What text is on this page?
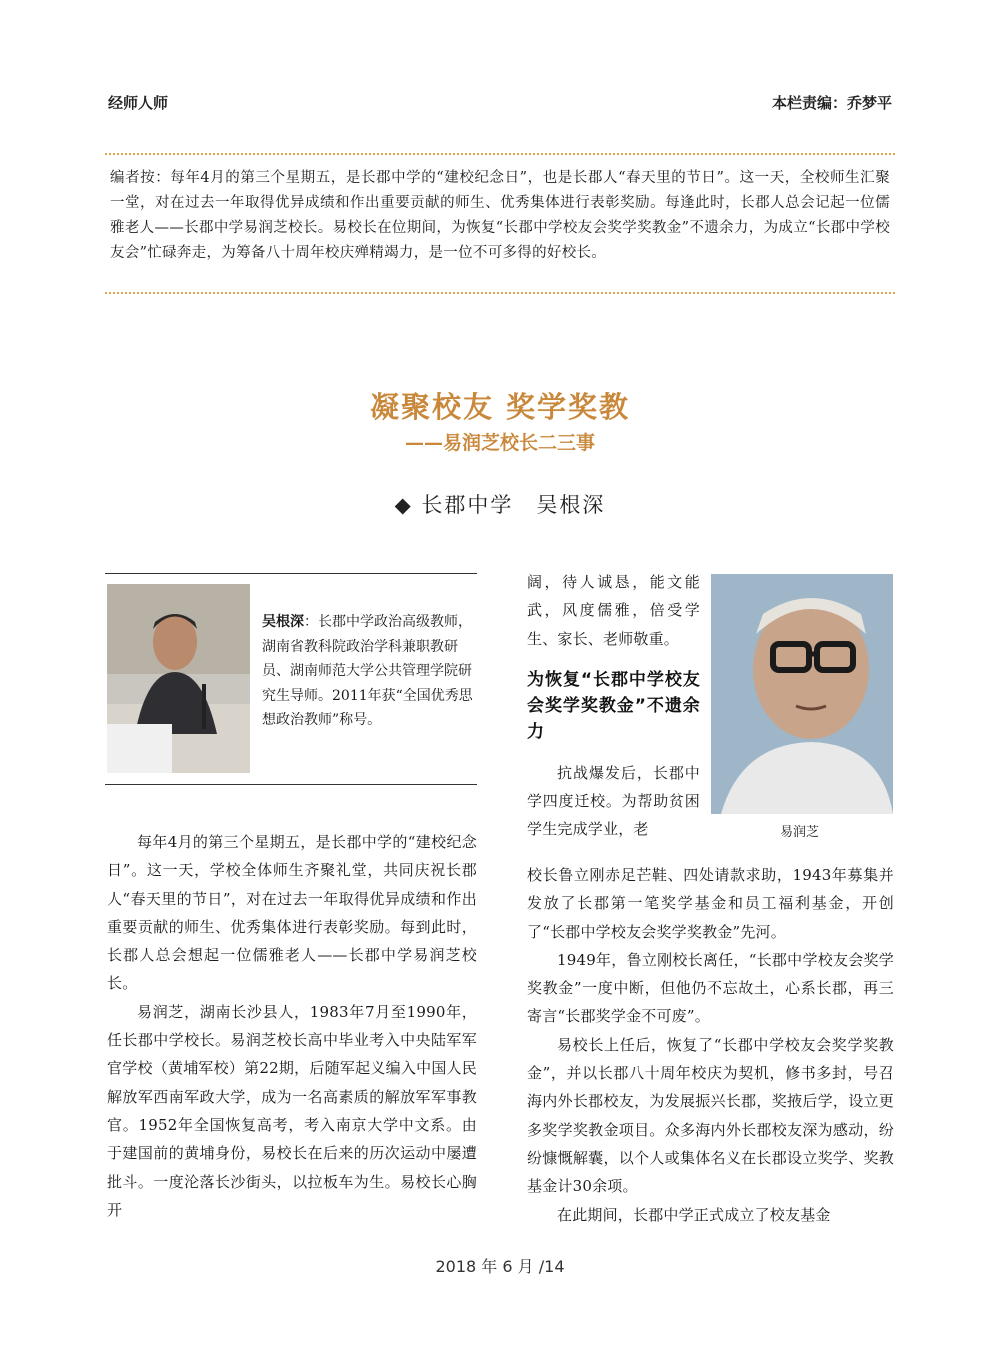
经师人师	本栏责编：乔梦平
编者按：每年4月的第三个星期五，是长郡中学的“建校纪念日”，也是长郡人“春天里的节日”。这一天，全校师生汇聚一堂，对在过去一年取得优异成绩和作出重要贡献的师生、优秀集体进行表彰奖励。每逢此时，长郡人总会记起一位儒雅老人——长郡中学易润芝校长。易校长在位期间，为恢复“长郡中学校友会奖学奖教金”不遗余力，为成立“长郡中学校友会”忙碌奔走，为筹备八十周年校庆殚精竭力，是一位不可多得的好校长。
凝聚校友 奖学奖教
——易润芝校长二三事
◆ 长郡中学　吴根深
吴根深：长郡中学政治高级教师，湖南省教科院政治学科兼职教研员、湖南师范大学公共管理学院研究生导师。2011年获“全国优秀思想政治教师”称号。

每年4月的第三个星期五，是长郡中学的“建校纪念日”。这一天，学校全体师生齐聚礼堂，共同庆祝长郡人“春天里的节日”，对在过去一年取得优异成绩和作出重要贡献的师生、优秀集体进行表彰奖励。每到此时，长郡人总会想起一位儒雅老人——长郡中学易润芝校长。

易润芝，湖南长沙县人，1983年7月至1990年，任长郡中学校长。易润芝校长高中毕业考入中央陆军军官学校（黄埔军校）第22期，后随军起义编入中国人民解放军西南军政大学，成为一名高素质的解放军军事教官。1952年全国恢复高考，考入南京大学中文系。由于建国前的黄埔身份，易校长在后来的历次运动中屡遭批斗。一度沦落长沙街头，以拉板车为生。易校长心胸开

阔，待人诚恳，能文能武，风度儒雅，倍受学生、家长、老师敬重。
为恢复“长郡中学校友会奖学奖教金”不遗余力

抗战爆发后，长郡中学四度迁校。为帮助贫困学生完成学业，老	易润芝
校长鲁立刚赤足芒鞋、四处请款求助，1943年募集并发放了长郡第一笔奖学基金和员工福利基金，开创了“长郡中学校友会奖学奖教金”先河。

1949年，鲁立刚校长离任，“长郡中学校友会奖学奖教金”一度中断，但他仍不忘故土，心系长郡，再三寄言“长郡奖学金不可废”。

易校长上任后，恢复了“长郡中学校友会奖学奖教金”，并以长郡八十周年校庆为契机，修书多封，号召海内外长郡校友，为发展振兴长郡，奖掖后学，设立更多奖学奖教金项目。众多海内外长郡校友深为感动，纷纷慷慨解囊，以个人或集体名义在长郡设立奖学、奖教基金计30余项。

在此期间，长郡中学正式成立了校友基金

2018 年 6 月 /14
